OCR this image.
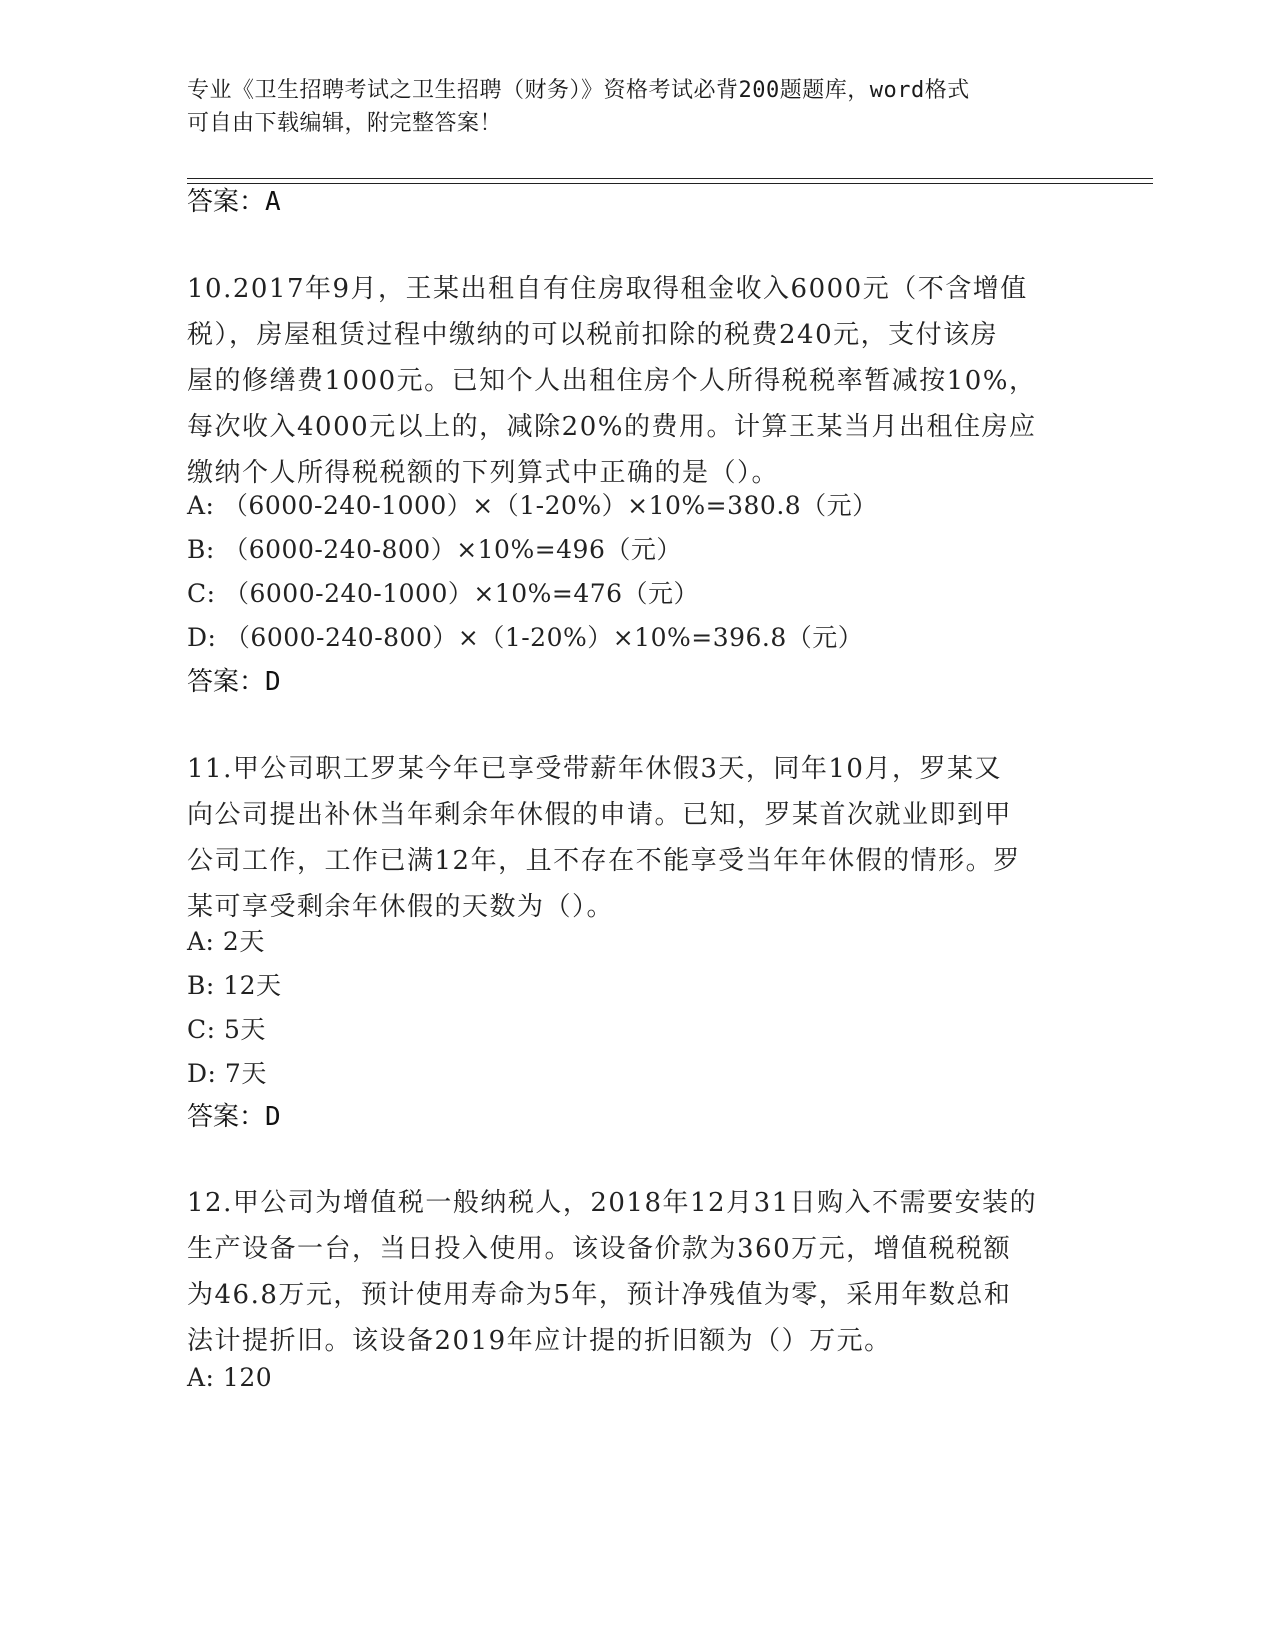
专业《卫生招聘考试之卫生招聘（财务）》资格考试必背200题题库，word格式
可自由下载编辑，附完整答案！
答案：A
10.2017年9月，王某出租自有住房取得租金收入6000元（不含增值
税），房屋租赁过程中缴纳的可以税前扣除的税费240元，支付该房
屋的修缮费1000元。已知个人出租住房个人所得税税率暂减按10%，
每次收入4000元以上的，减除20%的费用。计算王某当月出租住房应
缴纳个人所得税税额的下列算式中正确的是（）。
A: （6000-240-1000）×（1-20%）×10%=380.8（元）
B: （6000-240-800）×10%=496（元）
C: （6000-240-1000）×10%=476（元）
D: （6000-240-800）×（1-20%）×10%=396.8（元）
答案：D
11.甲公司职工罗某今年已享受带薪年休假3天，同年10月，罗某又
向公司提出补休当年剩余年休假的申请。已知，罗某首次就业即到甲
公司工作，工作已满12年，且不存在不能享受当年年休假的情形。罗
某可享受剩余年休假的天数为（）。
A: 2天
B: 12天
C: 5天
D: 7天
答案：D
12.甲公司为增值税一般纳税人，2018年12月31日购入不需要安装的
生产设备一台，当日投入使用。该设备价款为360万元，增值税税额
为46.8万元，预计使用寿命为5年，预计净残值为零，采用年数总和
法计提折旧。该设备2019年应计提的折旧额为（）万元。
A: 120
